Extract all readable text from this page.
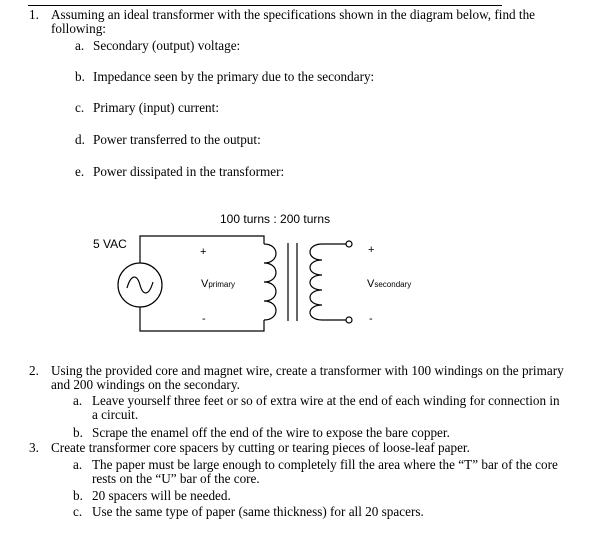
1. Assuming an ideal transformer with the specifications shown in the diagram below, find the
following:
a. Secondary (output) voltage:
b. Impedance seen by the primary due to the secondary:
c. Primary (input) current:
d. Power transferred to the output:
e. Power dissipated in the transformer:
100 turns : 200 turns
5 VAC
+
-
Vprimary
+
-
Vsecondary
2. Using the provided core and magnet wire, create a transformer with 100 windings on the primary
and 200 windings on the secondary.
a. Leave yourself three feet or so of extra wire at the end of each winding for connection in
a circuit.
b. Scrape the enamel off the end of the wire to expose the bare copper.
3. Create transformer core spacers by cutting or tearing pieces of loose-leaf paper.
a. The paper must be large enough to completely fill the area where the “T” bar of the core
rests on the “U” bar of the core.
b. 20 spacers will be needed.
c. Use the same type of paper (same thickness) for all 20 spacers.
